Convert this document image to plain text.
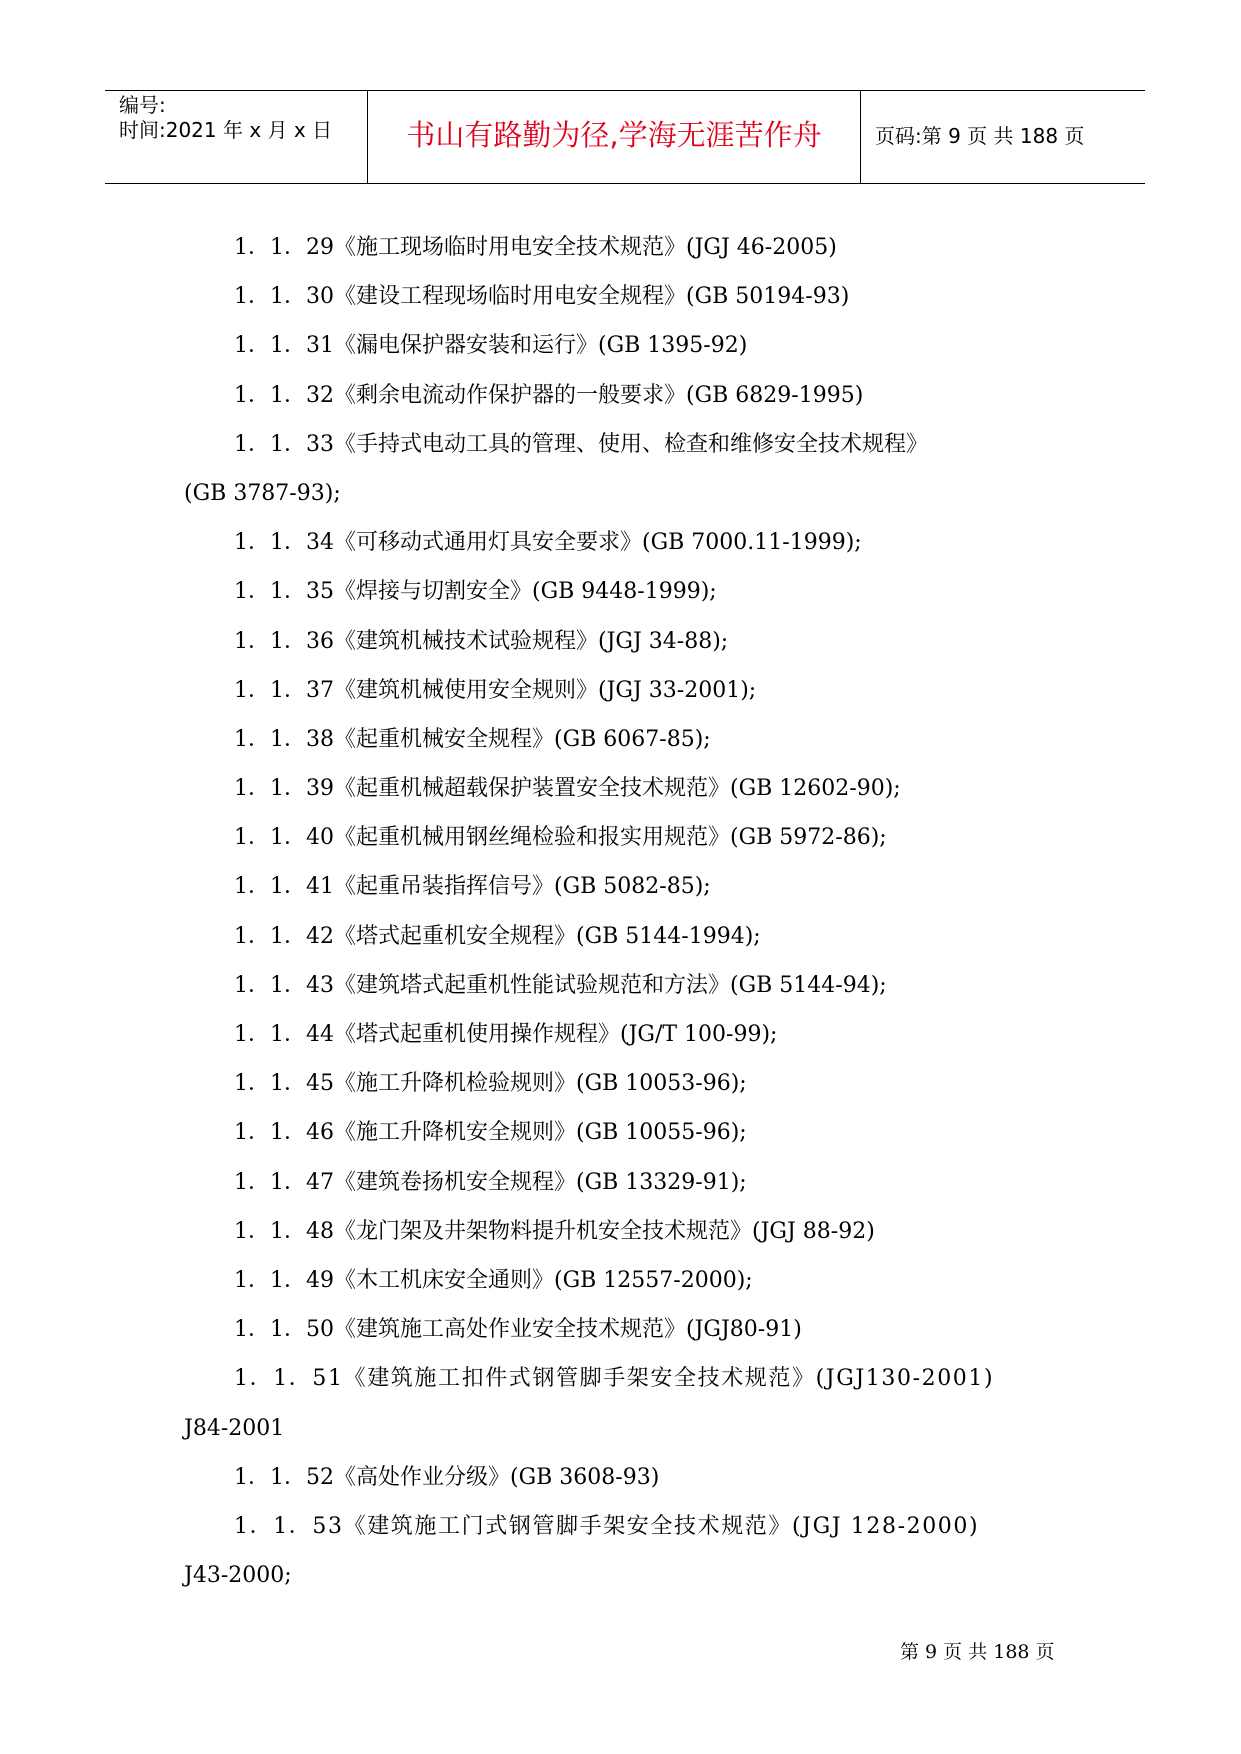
编号:
时间:2021 年 x 月 x 日	书山有路勤为径,学海无涯苦作舟	页码:第 9 页 共 188 页
1．1．29《施工现场临时用电安全技术规范》(JGJ 46-2005)
1．1．30《建设工程现场临时用电安全规程》(GB 50194-93)
1．1．31《漏电保护器安装和运行》(GB 1395-92)
1．1．32《剩余电流动作保护器的一般要求》(GB 6829-1995)
1．1．33《手持式电动工具的管理、使用、检查和维修安全技术规程》
(GB 3787-93);
1．1．34《可移动式通用灯具安全要求》(GB 7000.11-1999);
1．1．35《焊接与切割安全》(GB 9448-1999);
1．1．36《建筑机械技术试验规程》(JGJ 34-88);
1．1．37《建筑机械使用安全规则》(JGJ 33-2001);
1．1．38《起重机械安全规程》(GB 6067-85);
1．1．39《起重机械超载保护装置安全技术规范》(GB 12602-90);
1．1．40《起重机械用钢丝绳检验和报实用规范》(GB 5972-86);
1．1．41《起重吊装指挥信号》(GB 5082-85);
1．1．42《塔式起重机安全规程》(GB 5144-1994);
1．1．43《建筑塔式起重机性能试验规范和方法》(GB 5144-94);
1．1．44《塔式起重机使用操作规程》(JG/T 100-99);
1．1．45《施工升降机检验规则》(GB 10053-96);
1．1．46《施工升降机安全规则》(GB 10055-96);
1．1．47《建筑卷扬机安全规程》(GB 13329-91);
1．1．48《龙门架及井架物料提升机安全技术规范》(JGJ 88-92)
1．1．49《木工机床安全通则》(GB 12557-2000);
1．1．50《建筑施工高处作业安全技术规范》(JGJ80-91)
1．1．51《建筑施工扣件式钢管脚手架安全技术规范》(JGJ130-2001)
J84-2001
1．1．52《高处作业分级》(GB 3608-93)
1．1．53《建筑施工门式钢管脚手架安全技术规范》(JGJ 128-2000)
J43-2000;
第 9 页 共 188 页
